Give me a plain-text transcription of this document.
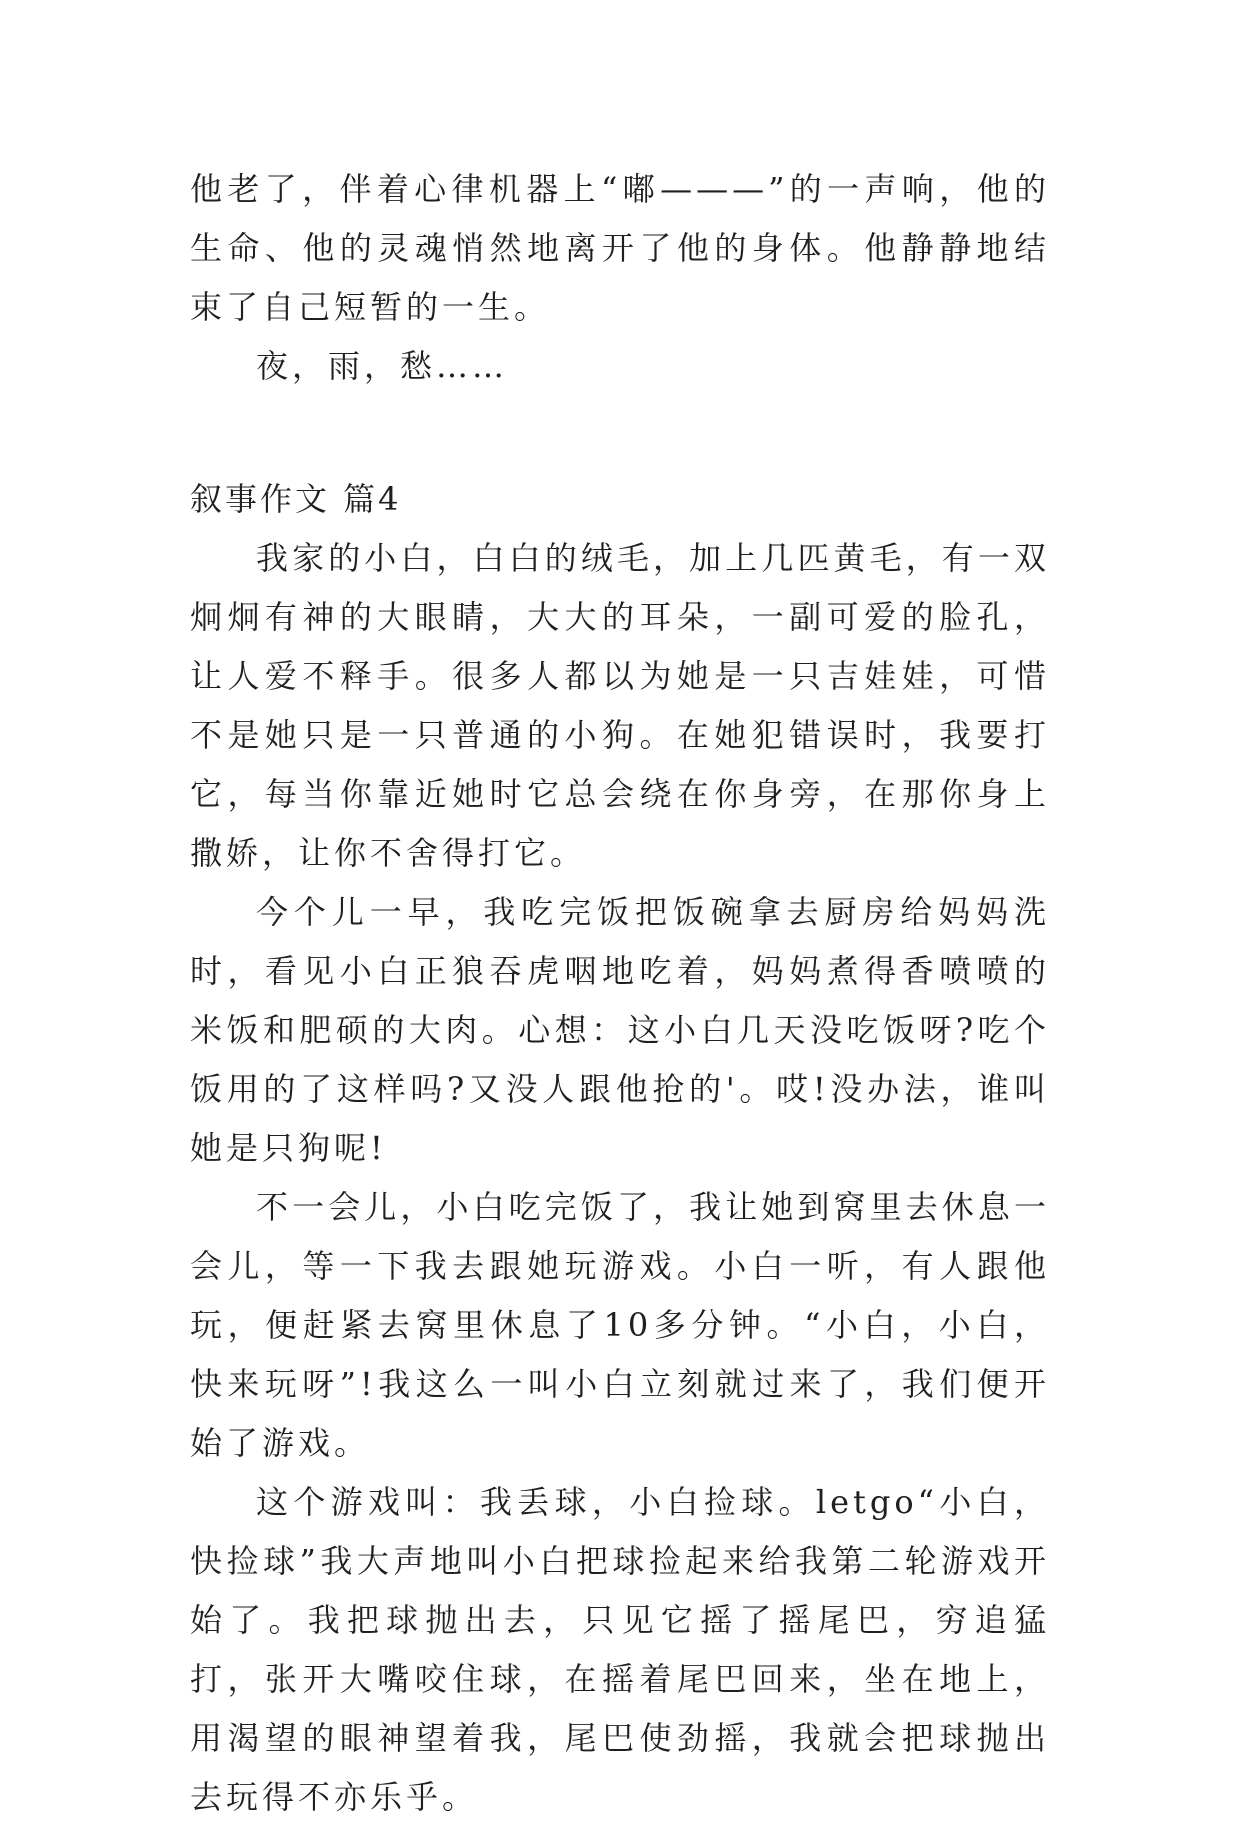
他老了，伴着心律机器上“嘟———”的一声响，他的生命、他的灵魂悄然地离开了他的身体。他静静地结束了自己短暂的一生。

夜，雨，愁……

叙事作文 篇4

我家的小白，白白的绒毛，加上几匹黄毛，有一双炯炯有神的大眼睛，大大的耳朵，一副可爱的脸孔，让人爱不释手。很多人都以为她是一只吉娃娃，可惜不是她只是一只普通的小狗。在她犯错误时，我要打它，每当你靠近她时它总会绕在你身旁，在那你身上撒娇，让你不舍得打它。

今个儿一早，我吃完饭把饭碗拿去厨房给妈妈洗时，看见小白正狼吞虎咽地吃着，妈妈煮得香喷喷的米饭和肥硕的大肉。心想：这小白几天没吃饭呀?吃个饭用的了这样吗?又没人跟他抢的'。哎!没办法，谁叫她是只狗呢!

不一会儿，小白吃完饭了，我让她到窝里去休息一会儿，等一下我去跟她玩游戏。小白一听，有人跟他玩，便赶紧去窝里休息了10多分钟。“小白，小白，快来玩呀”!我这么一叫小白立刻就过来了，我们便开始了游戏。

这个游戏叫：我丢球，小白捡球。letgo“小白，快捡球”我大声地叫小白把球捡起来给我第二轮游戏开始了。我把球抛出去，只见它摇了摇尾巴，穷追猛打，张开大嘴咬住球，在摇着尾巴回来，坐在地上，用渴望的眼神望着我，尾巴使劲摇，我就会把球抛出去玩得不亦乐乎。
